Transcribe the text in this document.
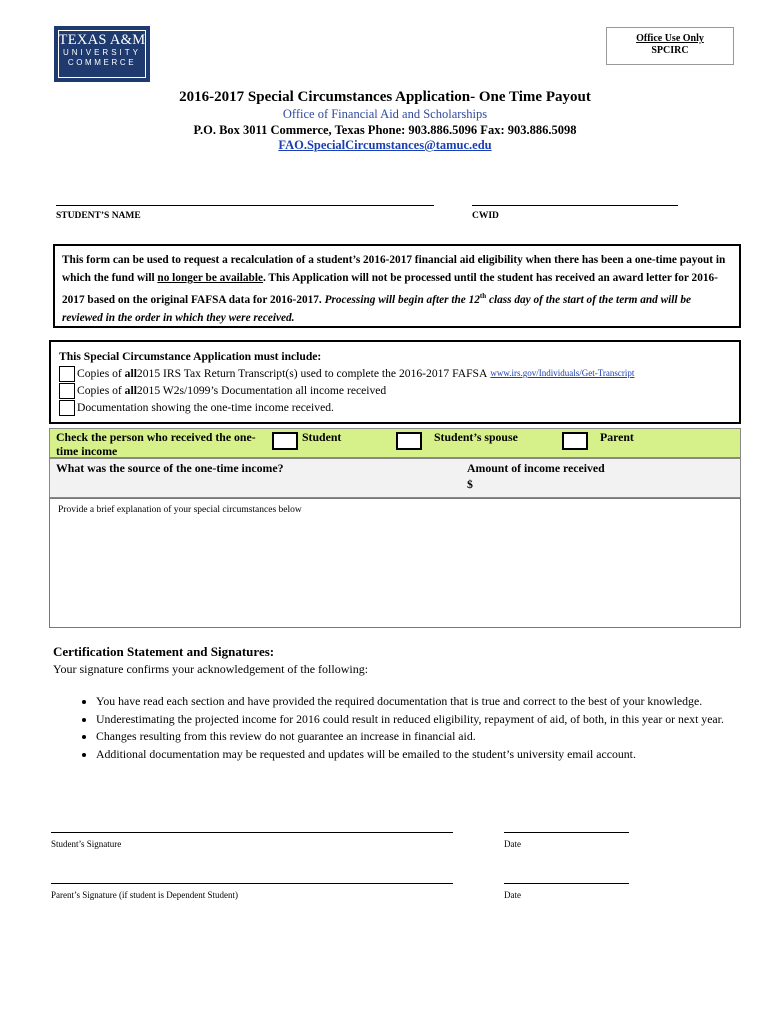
TEXAS A&M
UNIVERSITY
COMMERCE
Office Use Only
SPCIRC
2016-2017 Special Circumstances Application- One Time Payout
Office of Financial Aid and Scholarships
P.O. Box 3011 Commerce, Texas Phone: 903.886.5096 Fax: 903.886.5098
FAO.SpecialCircumstances@tamuc.edu
STUDENT’S NAME	CWID
This form can be used to request a recalculation of a student’s 2016-2017 financial aid eligibility when there has been a one-time payout in which the fund will no longer be available. This Application will not be processed until the student has received an award letter for 2016-2017 based on the original FAFSA data for 2016-2017. Processing will begin after the 12th class day of the start of the term and will be reviewed in the order in which they were received.
This Special Circumstance Application must include:
Copies of
all 2015 IRS Tax Return Transcript(s) used to complete the 2016-2017 FAFSA www.irs.gov/Individuals/Get-Transcript
Copies of
all 2015 W2s/1099’s Documentation all income received
Documentation showing the one-time income received.
Check the person who received the one-time income
Student	Student’s spouse	Parent
What was the source of the one-time income?	Amount of income received
$
Provide a brief explanation of your special circumstances below
Certification Statement and Signatures:
Your signature confirms your acknowledgement of the following:
• You have read each section and have provided the required documentation that is true and correct to the best of your knowledge.
• Underestimating the projected income for 2016 could result in reduced eligibility, repayment of aid, of both, in this year or next year.
• Changes resulting from this review do not guarantee an increase in financial aid.
• Additional documentation may be requested and updates will be emailed to the student’s university email account.
Student’s Signature	Date
Parent’s Signature (if student is Dependent Student)	Date
